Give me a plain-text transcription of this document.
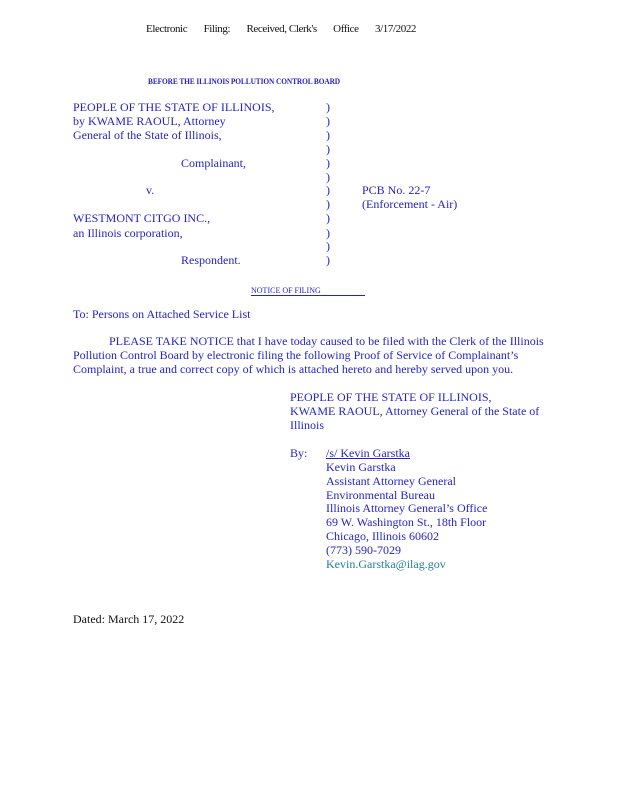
Electronic Filing: Received, Clerk's Office 3/17/2022
BEFORE THE ILLINOIS POLLUTION CONTROL BOARD
PEOPLE OF THE STATE OF ILLINOIS,
by KWAME RAOUL, Attorney
General of the State of Illinois,
Complainant,
v.
WESTMONT CITGO INC.,
an Illinois corporation,
Respondent.
)
)
)
)
)
)
)
)
)
)
)
)
PCB No. 22-7
(Enforcement - Air)
NOTICE OF FILING
To: Persons on Attached Service List

PLEASE TAKE NOTICE that I have today caused to be filed with the Clerk of the Illinois

Pollution Control Board by electronic filing the following Proof of Service of Complainant’s

Complaint, a true and correct copy of which is attached hereto and hereby served upon you.

PEOPLE OF THE STATE OF ILLINOIS,
KWAME RAOUL, Attorney General of the State of
Illinois
By: /s/ Kevin Garstka
Kevin Garstka
Assistant Attorney General
Environmental Bureau
Illinois Attorney General’s Office
69 W. Washington St., 18th Floor
Chicago, Illinois 60602
(773) 590-7029
Kevin.Garstka@ilag.gov
Dated: March 17, 2022
